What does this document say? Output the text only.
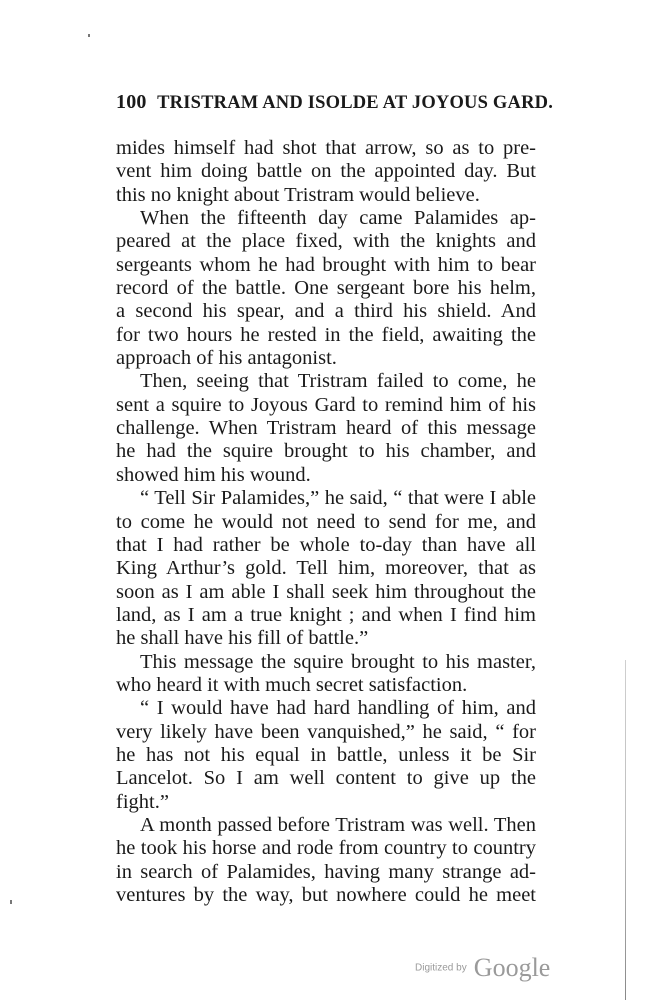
100 TRISTRAM AND ISOLDE AT JOYOUS GARD.
mides himself had shot that arrow, so as to pre-
vent him doing battle on the appointed day. But
this no knight about Tristram would believe.
When the fifteenth day came Palamides ap-
peared at the place fixed, with the knights and
sergeants whom he had brought with him to bear
record of the battle. One sergeant bore his helm,
a second his spear, and a third his shield. And
for two hours he rested in the field, awaiting the
approach of his antagonist.
Then, seeing that Tristram failed to come, he
sent a squire to Joyous Gard to remind him of his
challenge. When Tristram heard of this message
he had the squire brought to his chamber, and
showed him his wound.
“ Tell Sir Palamides,” he said, “ that were I able
to come he would not need to send for me, and
that I had rather be whole to-day than have all
King Arthur’s gold. Tell him, moreover, that as
soon as I am able I shall seek him throughout the
land, as I am a true knight ; and when I find him
he shall have his fill of battle.”
This message the squire brought to his master,
who heard it with much secret satisfaction.
“ I would have had hard handling of him, and
very likely have been vanquished,” he said, “ for
he has not his equal in battle, unless it be Sir
Lancelot. So I am well content to give up the
fight.”
A month passed before Tristram was well. Then
he took his horse and rode from country to country
in search of Palamides, having many strange ad-
ventures by the way, but nowhere could he meet
Digitized by Google
